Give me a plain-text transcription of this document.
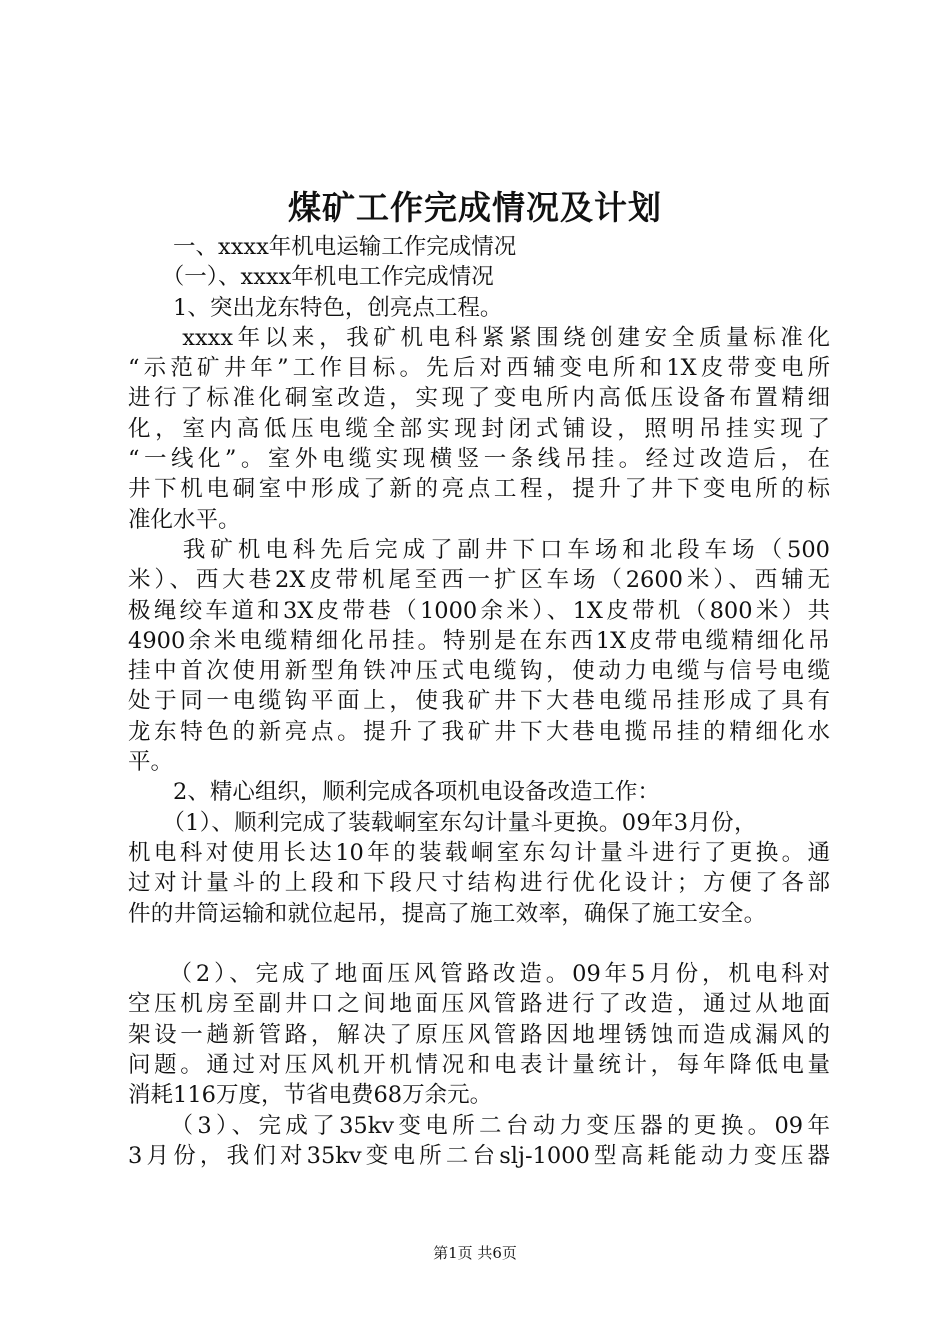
煤矿工作完成情况及计划
　　一、xxxx年机电运输工作完成情况
　　（一）、xxxx年机电工作完成情况
　　1、突出龙东特色，创亮点工程。
　　xxxx年以来，我矿机电科紧紧围绕创建安全质量标准化
“示范矿井年”工作目标。先后对西辅变电所和1X皮带变电所
进行了标准化硐室改造，实现了变电所内高低压设备布置精细
化，室内高低压电缆全部实现封闭式铺设，照明吊挂实现了
“一线化”。室外电缆实现横竖一条线吊挂。经过改造后，在
井下机电硐室中形成了新的亮点工程，提升了井下变电所的标
准化水平。
　　我矿机电科先后完成了副井下口车场和北段车场（500
米）、西大巷2X皮带机尾至西一扩区车场（2600米）、西辅无
极绳绞车道和3X皮带巷（1000余米）、1X皮带机（800米）共
4900余米电缆精细化吊挂。特别是在东西1X皮带电缆精细化吊
挂中首次使用新型角铁冲压式电缆钩，使动力电缆与信号电缆
处于同一电缆钩平面上，使我矿井下大巷电缆吊挂形成了具有
龙东特色的新亮点。提升了我矿井下大巷电揽吊挂的精细化水
平。
　　2、精心组织，顺利完成各项机电设备改造工作：
　　（1）、顺利完成了装载峒室东勾计量斗更换。09年3月份，
机电科对使用长达10年的装载峒室东勾计量斗进行了更换。通
过对计量斗的上段和下段尺寸结构进行优化设计；方便了各部
件的井筒运输和就位起吊，提高了施工效率，确保了施工安全。
　　（2）、完成了地面压风管路改造。09年5月份，机电科对
空压机房至副井口之间地面压风管路进行了改造，通过从地面
架设一趟新管路，解决了原压风管路因地埋锈蚀而造成漏风的
问题。通过对压风机开机情况和电表计量统计，每年降低电量
消耗116万度，节省电费68万余元。
　　（3）、完成了35kv变电所二台动力变压器的更换。09年
3月份，我们对35kv变电所二台slj-1000型高耗能动力变压器
第1页 共6页
